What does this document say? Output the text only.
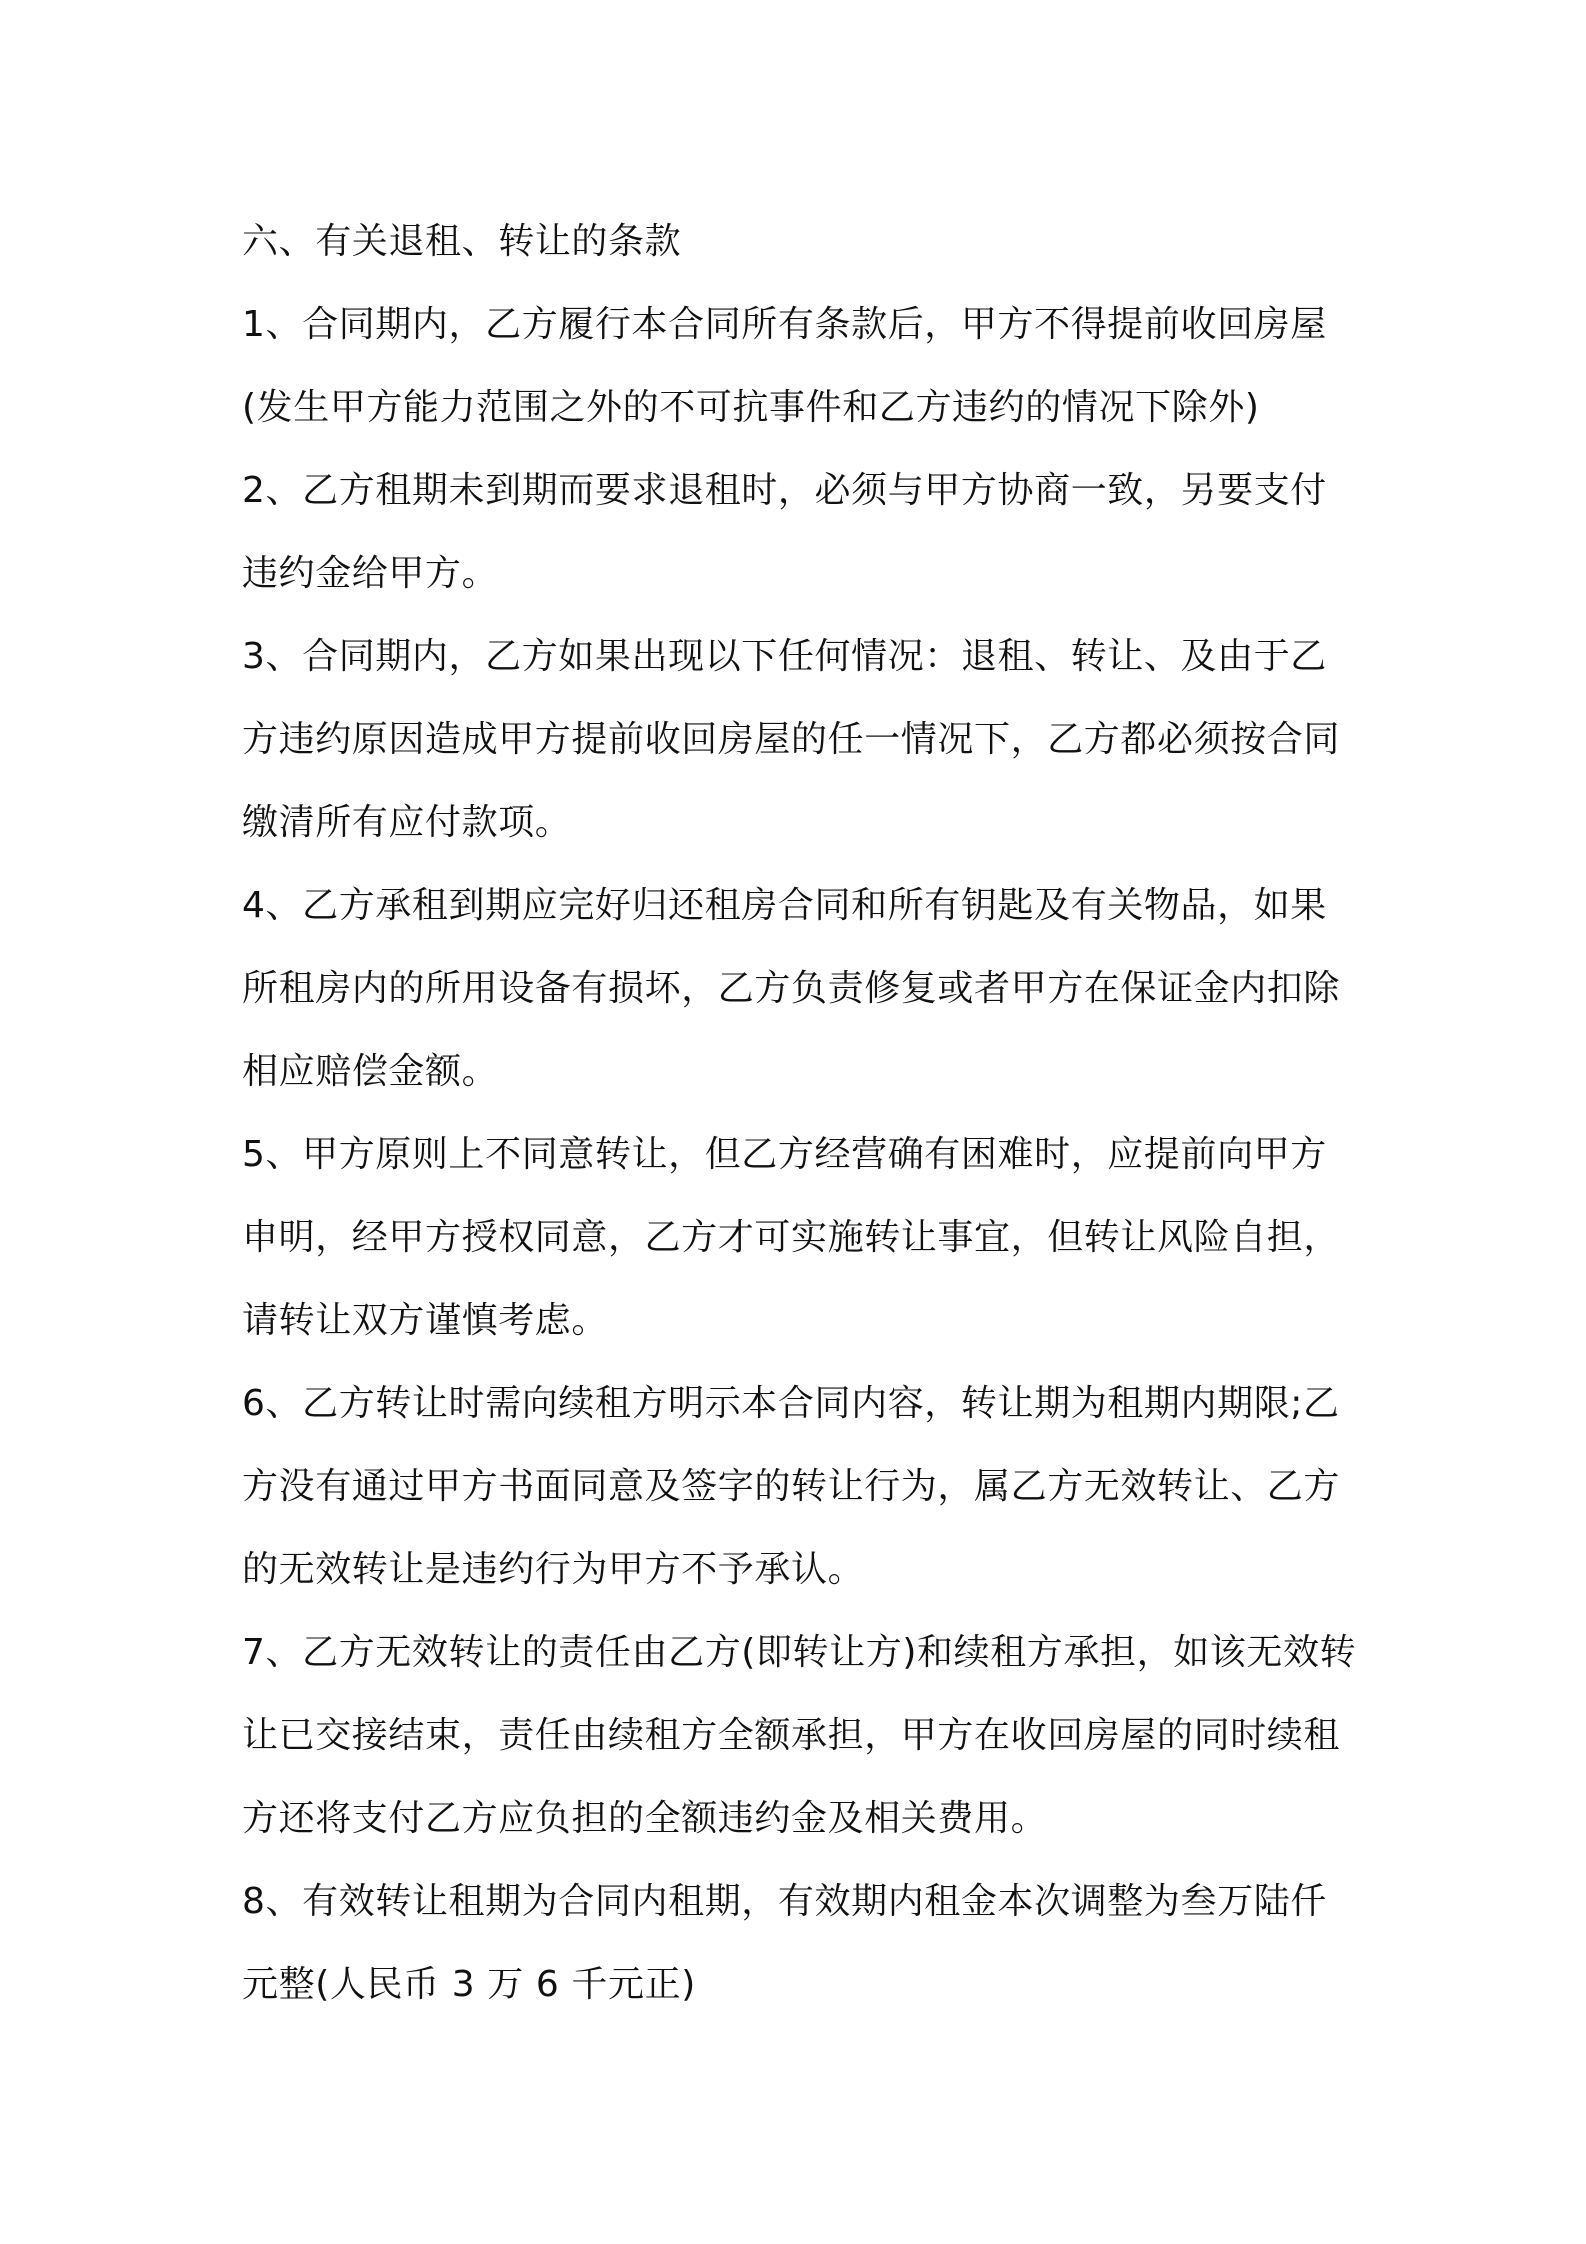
六、有关退租、转让的条款

1、合同期内，乙方履行本合同所有条款后，甲方不得提前收回房屋(发生甲方能力范围之外的不可抗事件和乙方违约的情况下除外)

2、乙方租期未到期而要求退租时，必须与甲方协商一致，另要支付违约金给甲方。

3、合同期内，乙方如果出现以下任何情况：退租、转让、及由于乙方违约原因造成甲方提前收回房屋的任一情况下，乙方都必须按合同缴清所有应付款项。

4、乙方承租到期应完好归还租房合同和所有钥匙及有关物品，如果所租房内的所用设备有损坏，乙方负责修复或者甲方在保证金内扣除相应赔偿金额。

5、甲方原则上不同意转让，但乙方经营确有困难时，应提前向甲方申明，经甲方授权同意，乙方才可实施转让事宜，但转让风险自担，请转让双方谨慎考虑。

6、乙方转让时需向续租方明示本合同内容，转让期为租期内期限;乙方没有通过甲方书面同意及签字的转让行为，属乙方无效转让、乙方的无效转让是违约行为甲方不予承认。

7、乙方无效转让的责任由乙方(即转让方)和续租方承担，如该无效转让已交接结束，责任由续租方全额承担，甲方在收回房屋的同时续租方还将支付乙方应负担的全额违约金及相关费用。

8、有效转让租期为合同内租期，有效期内租金本次调整为叁万陆仟元整(人民币 3 万 6 千元正)
